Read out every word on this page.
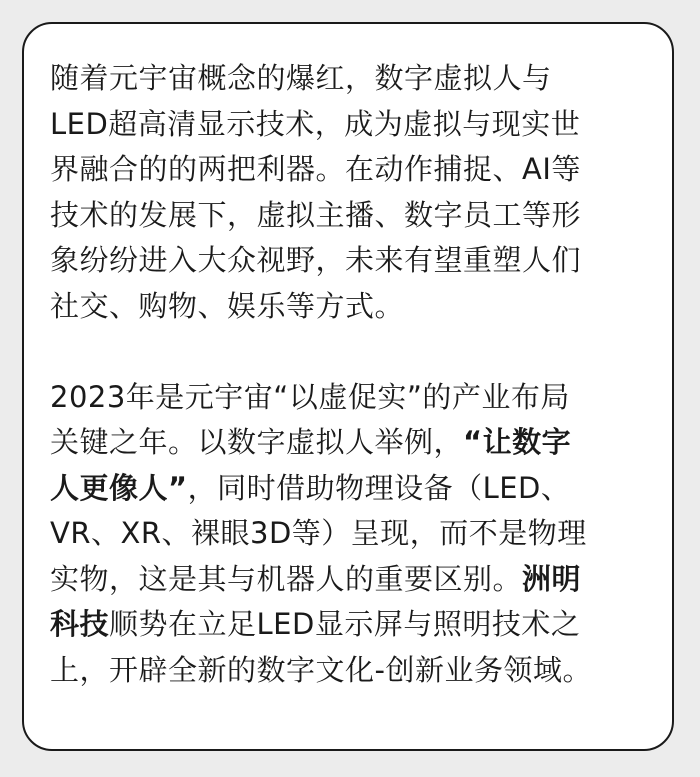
随着元宇宙概念的爆红，数字虚拟人与
LED超高清显示技术，成为虚拟与现实世
界融合的的两把利器。在动作捕捉、AI等
技术的发展下，虚拟主播、数字员工等形
象纷纷进入大众视野，未来有望重塑人们
社交、购物、娱乐等方式。

2023年是元宇宙“以虚促实”的产业布局
关键之年。以数字虚拟人举例，“让数字
人更像人”，同时借助物理设备（LED、
VR、XR、裸眼3D等）呈现，而不是物理
实物，这是其与机器人的重要区别。洲明
科技顺势在立足LED显示屏与照明技术之
上，开辟全新的数字文化-创新业务领域。
